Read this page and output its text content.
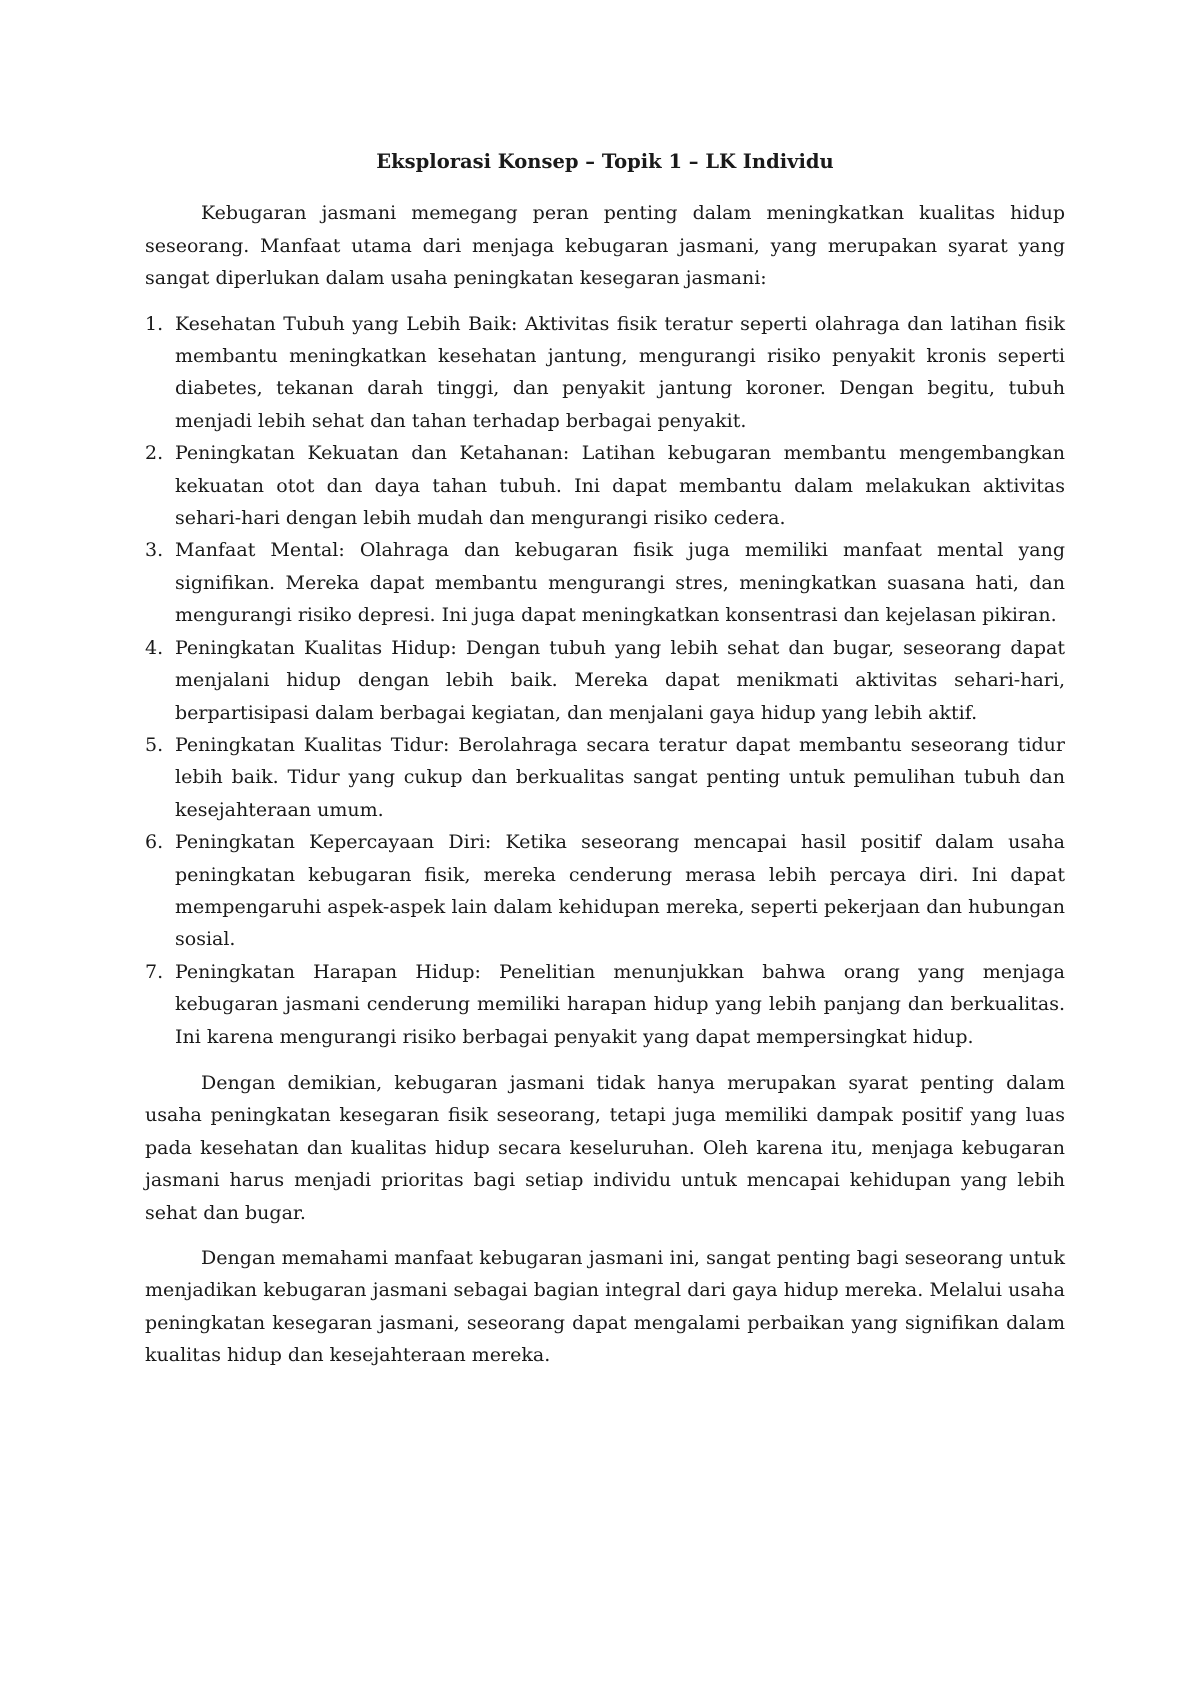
Eksplorasi Konsep – Topik 1 – LK Individu

Kebugaran jasmani memegang peran penting dalam meningkatkan kualitas hidup seseorang. Manfaat utama dari menjaga kebugaran jasmani, yang merupakan syarat yang sangat diperlukan dalam usaha peningkatan kesegaran jasmani:

1. Kesehatan Tubuh yang Lebih Baik: Aktivitas fisik teratur seperti olahraga dan latihan fisik membantu meningkatkan kesehatan jantung, mengurangi risiko penyakit kronis seperti diabetes, tekanan darah tinggi, dan penyakit jantung koroner. Dengan begitu, tubuh menjadi lebih sehat dan tahan terhadap berbagai penyakit.
2. Peningkatan Kekuatan dan Ketahanan: Latihan kebugaran membantu mengembangkan kekuatan otot dan daya tahan tubuh. Ini dapat membantu dalam melakukan aktivitas sehari-hari dengan lebih mudah dan mengurangi risiko cedera.
3. Manfaat Mental: Olahraga dan kebugaran fisik juga memiliki manfaat mental yang signifikan. Mereka dapat membantu mengurangi stres, meningkatkan suasana hati, dan mengurangi risiko depresi. Ini juga dapat meningkatkan konsentrasi dan kejelasan pikiran.
4. Peningkatan Kualitas Hidup: Dengan tubuh yang lebih sehat dan bugar, seseorang dapat menjalani hidup dengan lebih baik. Mereka dapat menikmati aktivitas sehari-hari, berpartisipasi dalam berbagai kegiatan, dan menjalani gaya hidup yang lebih aktif.
5. Peningkatan Kualitas Tidur: Berolahraga secara teratur dapat membantu seseorang tidur lebih baik. Tidur yang cukup dan berkualitas sangat penting untuk pemulihan tubuh dan kesejahteraan umum.
6. Peningkatan Kepercayaan Diri: Ketika seseorang mencapai hasil positif dalam usaha peningkatan kebugaran fisik, mereka cenderung merasa lebih percaya diri. Ini dapat mempengaruhi aspek-aspek lain dalam kehidupan mereka, seperti pekerjaan dan hubungan sosial.
7. Peningkatan Harapan Hidup: Penelitian menunjukkan bahwa orang yang menjaga kebugaran jasmani cenderung memiliki harapan hidup yang lebih panjang dan berkualitas. Ini karena mengurangi risiko berbagai penyakit yang dapat mempersingkat hidup.

Dengan demikian, kebugaran jasmani tidak hanya merupakan syarat penting dalam usaha peningkatan kesegaran fisik seseorang, tetapi juga memiliki dampak positif yang luas pada kesehatan dan kualitas hidup secara keseluruhan. Oleh karena itu, menjaga kebugaran jasmani harus menjadi prioritas bagi setiap individu untuk mencapai kehidupan yang lebih sehat dan bugar.

Dengan memahami manfaat kebugaran jasmani ini, sangat penting bagi seseorang untuk menjadikan kebugaran jasmani sebagai bagian integral dari gaya hidup mereka. Melalui usaha peningkatan kesegaran jasmani, seseorang dapat mengalami perbaikan yang signifikan dalam kualitas hidup dan kesejahteraan mereka.
